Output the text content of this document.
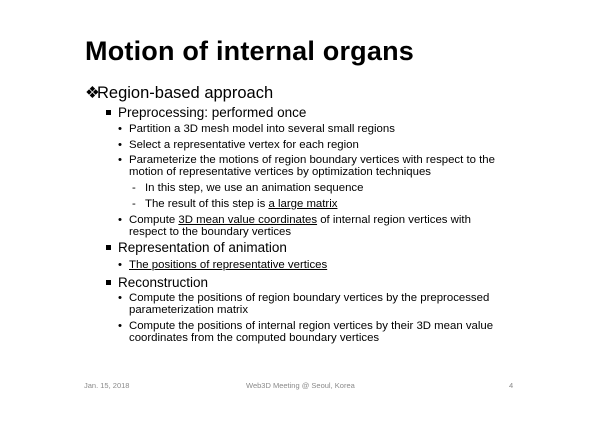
Motion of internal organs
❖Region-based approach
Preprocessing: performed once
• Partition a 3D mesh model into several small regions
• Select a representative vertex for each region
• Parameterize the motions of region boundary vertices with respect to the
motion of representative vertices by optimization techniques
- In this step, we use an animation sequence
- The result of this step is a large matrix
• Compute 3D mean value coordinates of internal region vertices with
respect to the boundary vertices
Representation of animation
• The positions of representative vertices
Reconstruction
• Compute the positions of region boundary vertices by the preprocessed
parameterization matrix
• Compute the positions of internal region vertices by their 3D mean value
coordinates from the computed boundary vertices
Jan. 15, 2018	Web3D Meeting @ Seoul, Korea	4
